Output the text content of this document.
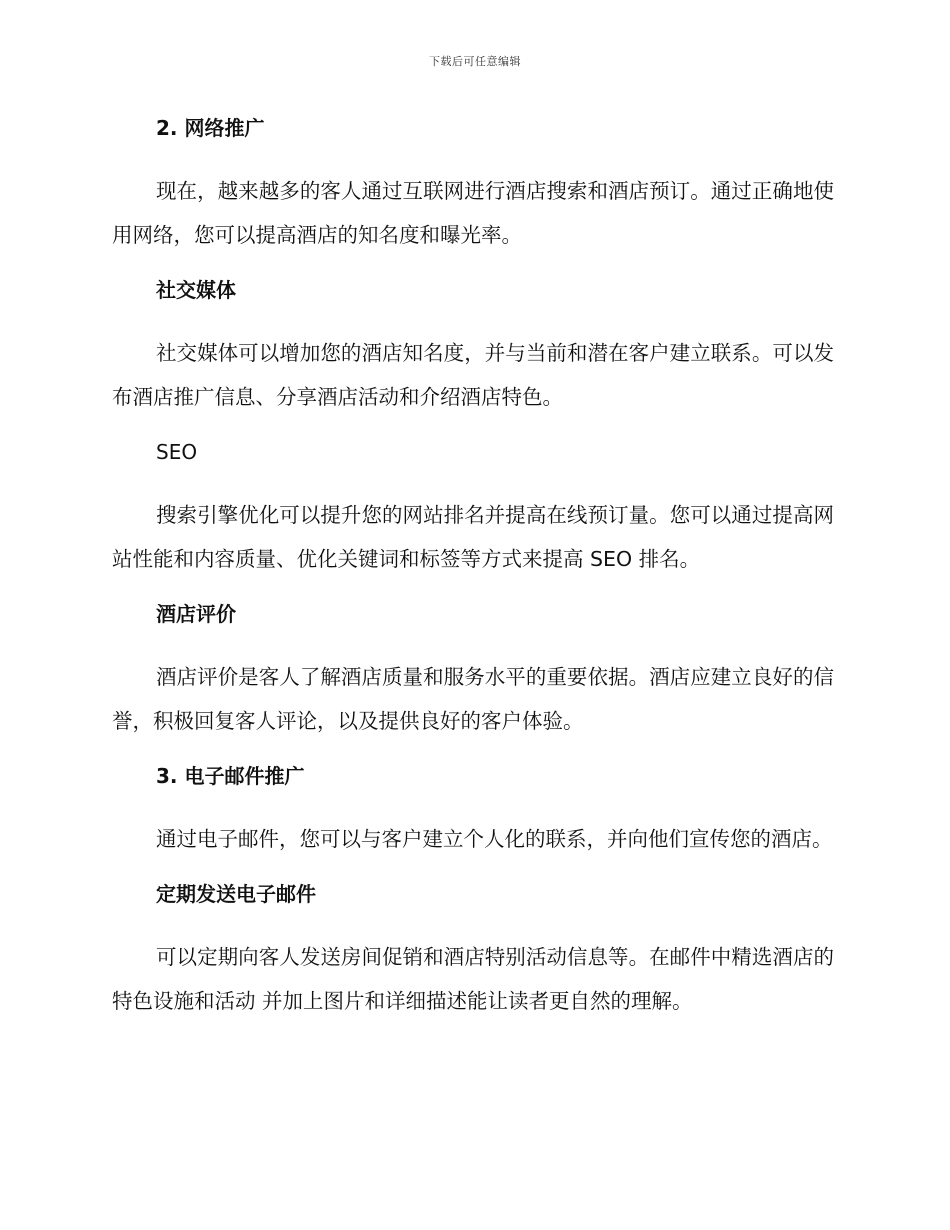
下载后可任意编辑
2. 网络推广

现在，越来越多的客人通过互联网进行酒店搜索和酒店预订。通过正确地使用网络，您可以提高酒店的知名度和曝光率。

社交媒体

社交媒体可以增加您的酒店知名度，并与当前和潜在客户建立联系。可以发布酒店推广信息、分享酒店活动和介绍酒店特色。

SEO

搜索引擎优化可以提升您的网站排名并提高在线预订量。您可以通过提高网站性能和内容质量、优化关键词和标签等方式来提高 SEO 排名。

酒店评价

酒店评价是客人了解酒店质量和服务水平的重要依据。酒店应建立良好的信誉，积极回复客人评论，以及提供良好的客户体验。

3. 电子邮件推广

通过电子邮件，您可以与客户建立个人化的联系，并向他们宣传您的酒店。

定期发送电子邮件

可以定期向客人发送房间促销和酒店特别活动信息等。在邮件中精选酒店的特色设施和活动 并加上图片和详细描述能让读者更自然的理解。
